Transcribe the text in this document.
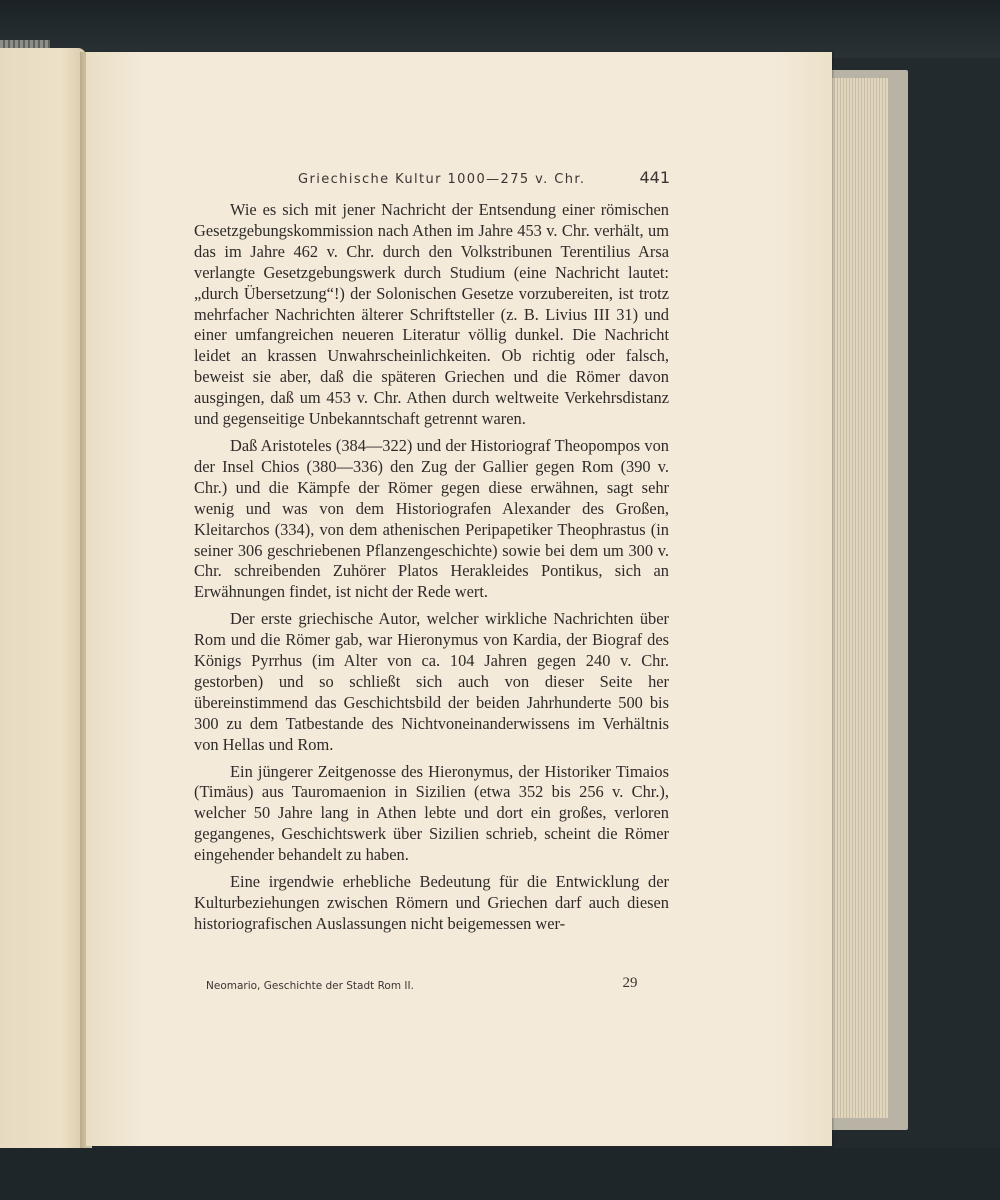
Griechische Kultur 1000—275 v. Chr.	441

Wie es sich mit jener Nachricht der Entsendung einer römischen Gesetzgebungskommission nach Athen im Jahre 453 v. Chr. verhält, um das im Jahre 462 v. Chr. durch den Volkstribunen Terentilius Arsa verlangte Gesetzgebungswerk durch Studium (eine Nachricht lautet: „durch Übersetzung“!) der Solonischen Gesetze vorzubereiten, ist trotz mehrfacher Nachrichten älterer Schriftsteller (z. B. Livius III 31) und einer umfangreichen neueren Literatur völlig dunkel. Die Nachricht leidet an krassen Unwahrscheinlichkeiten. Ob richtig oder falsch, beweist sie aber, daß die späteren Griechen und die Römer davon ausgingen, daß um 453 v. Chr. Athen durch weltweite Verkehrsdistanz und gegenseitige Unbekanntschaft getrennt waren.

Daß Aristoteles (384—322) und der Historiograf Theopompos von der Insel Chios (380—336) den Zug der Gallier gegen Rom (390 v. Chr.) und die Kämpfe der Römer gegen diese erwähnen, sagt sehr wenig und was von dem Historiografen Alexander des Großen, Kleitarchos (334), von dem athenischen Peripapetiker Theophrastus (in seiner 306 geschriebenen Pflanzengeschichte) sowie bei dem um 300 v. Chr. schreibenden Zuhörer Platos Herakleides Pontikus, sich an Erwähnungen findet, ist nicht der Rede wert.

Der erste griechische Autor, welcher wirkliche Nachrichten über Rom und die Römer gab, war Hieronymus von Kardia, der Biograf des Königs Pyrrhus (im Alter von ca. 104 Jahren gegen 240 v. Chr. gestorben) und so schließt sich auch von dieser Seite her übereinstimmend das Geschichtsbild der beiden Jahrhunderte 500 bis 300 zu dem Tatbestande des Nichtvoneinanderwissens im Verhältnis von Hellas und Rom.

Ein jüngerer Zeitgenosse des Hieronymus, der Historiker Timaios (Timäus) aus Tauromaenion in Sizilien (etwa 352 bis 256 v. Chr.), welcher 50 Jahre lang in Athen lebte und dort ein großes, verloren gegangenes, Geschichtswerk über Sizilien schrieb, scheint die Römer eingehender behandelt zu haben.

Eine irgendwie erhebliche Bedeutung für die Entwicklung der Kulturbeziehungen zwischen Römern und Griechen darf auch diesen historiografischen Auslassungen nicht beigemessen wer-

Neomario, Geschichte der Stadt Rom II.	29
